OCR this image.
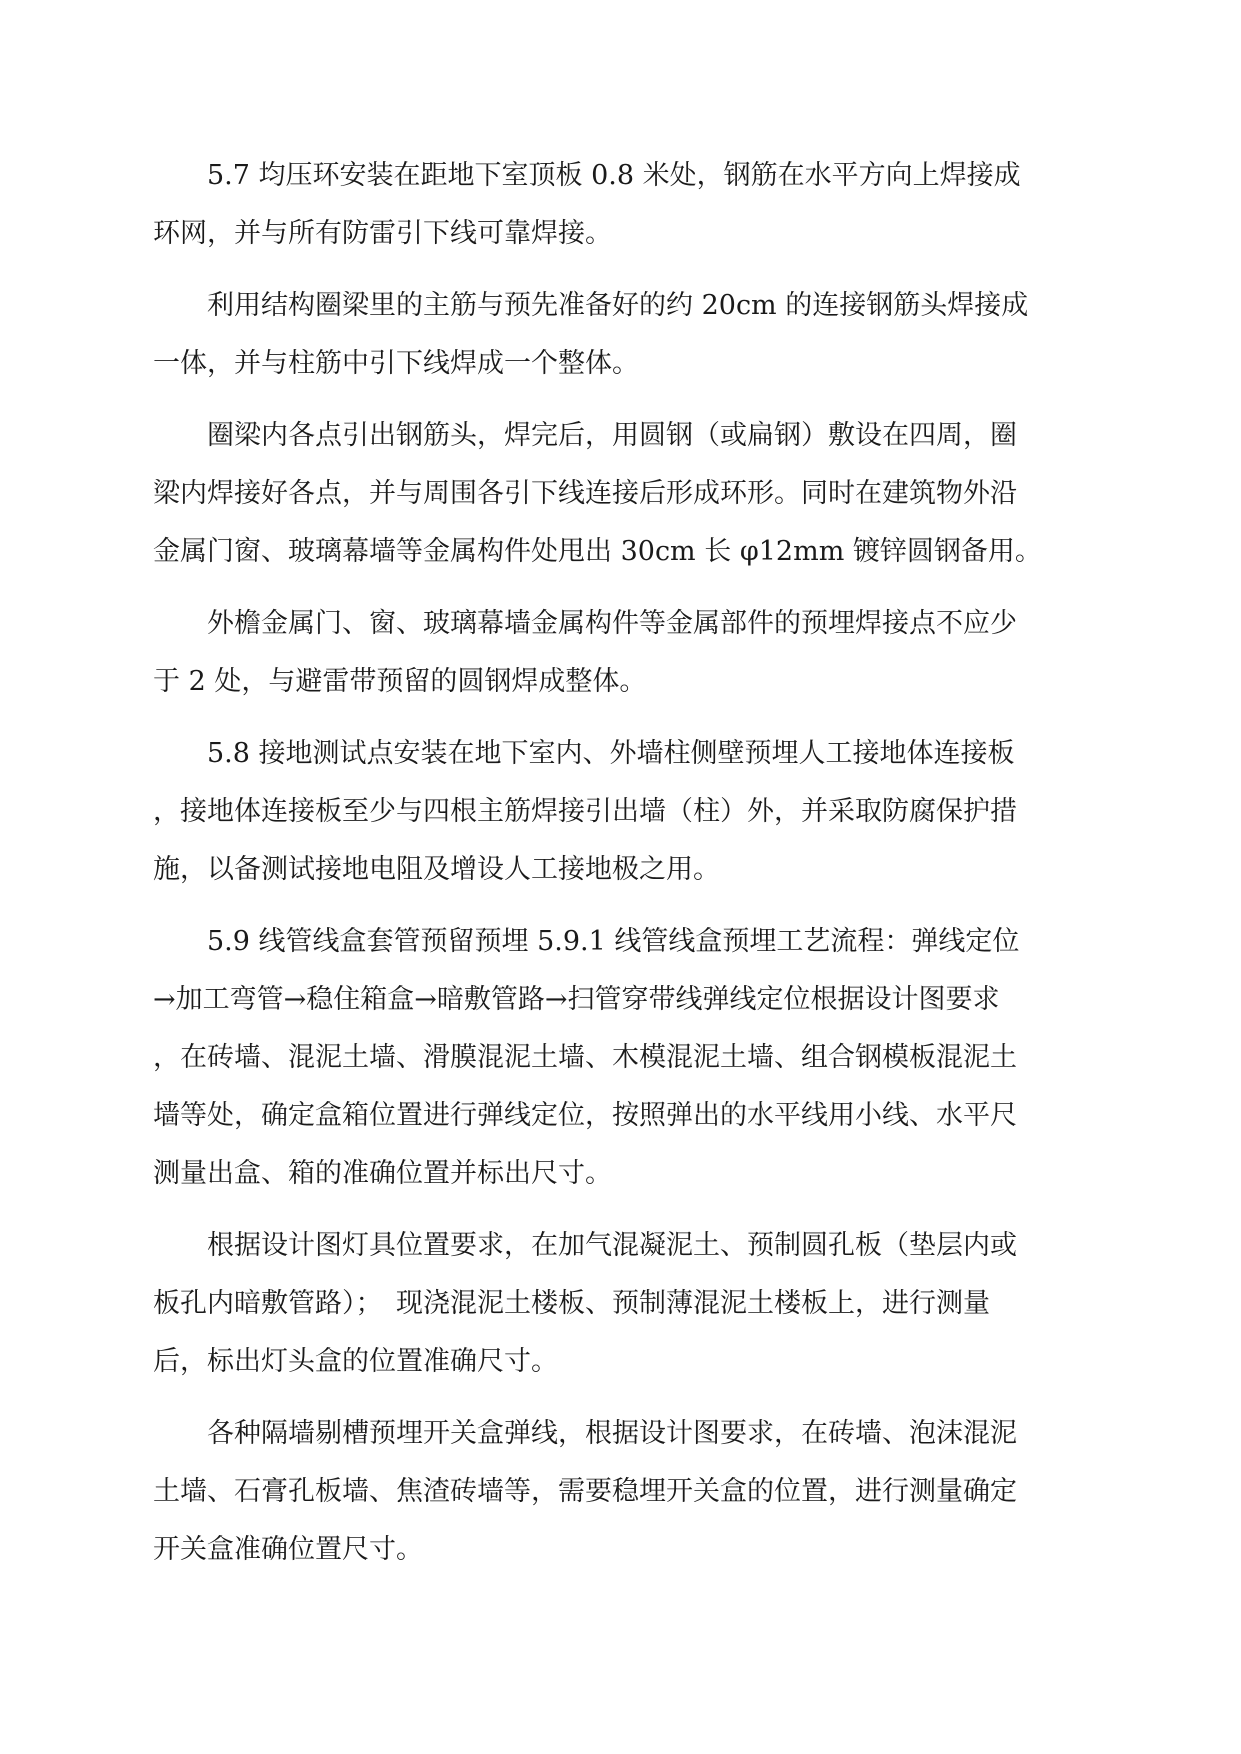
5.7 均压环安装在距地下室顶板 0.8 米处，钢筋在水平方向上焊接成
环网，并与所有防雷引下线可靠焊接。

利用结构圈梁里的主筋与预先准备好的约 20cm 的连接钢筋头焊接成
一体，并与柱筋中引下线焊成一个整体。

圈梁内各点引出钢筋头，焊完后，用圆钢（或扁钢）敷设在四周，圈
梁内焊接好各点，并与周围各引下线连接后形成环形。同时在建筑物外沿
金属门窗、玻璃幕墙等金属构件处甩出 30cm 长 φ12mm 镀锌圆钢备用。

外檐金属门、窗、玻璃幕墙金属构件等金属部件的预埋焊接点不应少
于 2 处，与避雷带预留的圆钢焊成整体。

5.8 接地测试点安装在地下室内、外墙柱侧壁预埋人工接地体连接板
，接地体连接板至少与四根主筋焊接引出墙（柱）外，并采取防腐保护措
施，以备测试接地电阻及增设人工接地极之用。

5.9 线管线盒套管预留预埋 5.9.1 线管线盒预埋工艺流程：弹线定位
→加工弯管→稳住箱盒→暗敷管路→扫管穿带线弹线定位根据设计图要求
，在砖墙、混泥土墙、滑膜混泥土墙、木模混泥土墙、组合钢模板混泥土
墙等处，确定盒箱位置进行弹线定位，按照弹出的水平线用小线、水平尺
测量出盒、箱的准确位置并标出尺寸。

根据设计图灯具位置要求，在加气混凝泥土、预制圆孔板（垫层内或
板孔内暗敷管路）；　现浇混泥土楼板、预制薄混泥土楼板上，进行测量
后，标出灯头盒的位置准确尺寸。

各种隔墙剔槽预埋开关盒弹线，根据设计图要求，在砖墙、泡沫混泥
土墙、石膏孔板墙、焦渣砖墙等，需要稳埋开关盒的位置，进行测量确定
开关盒准确位置尺寸。
